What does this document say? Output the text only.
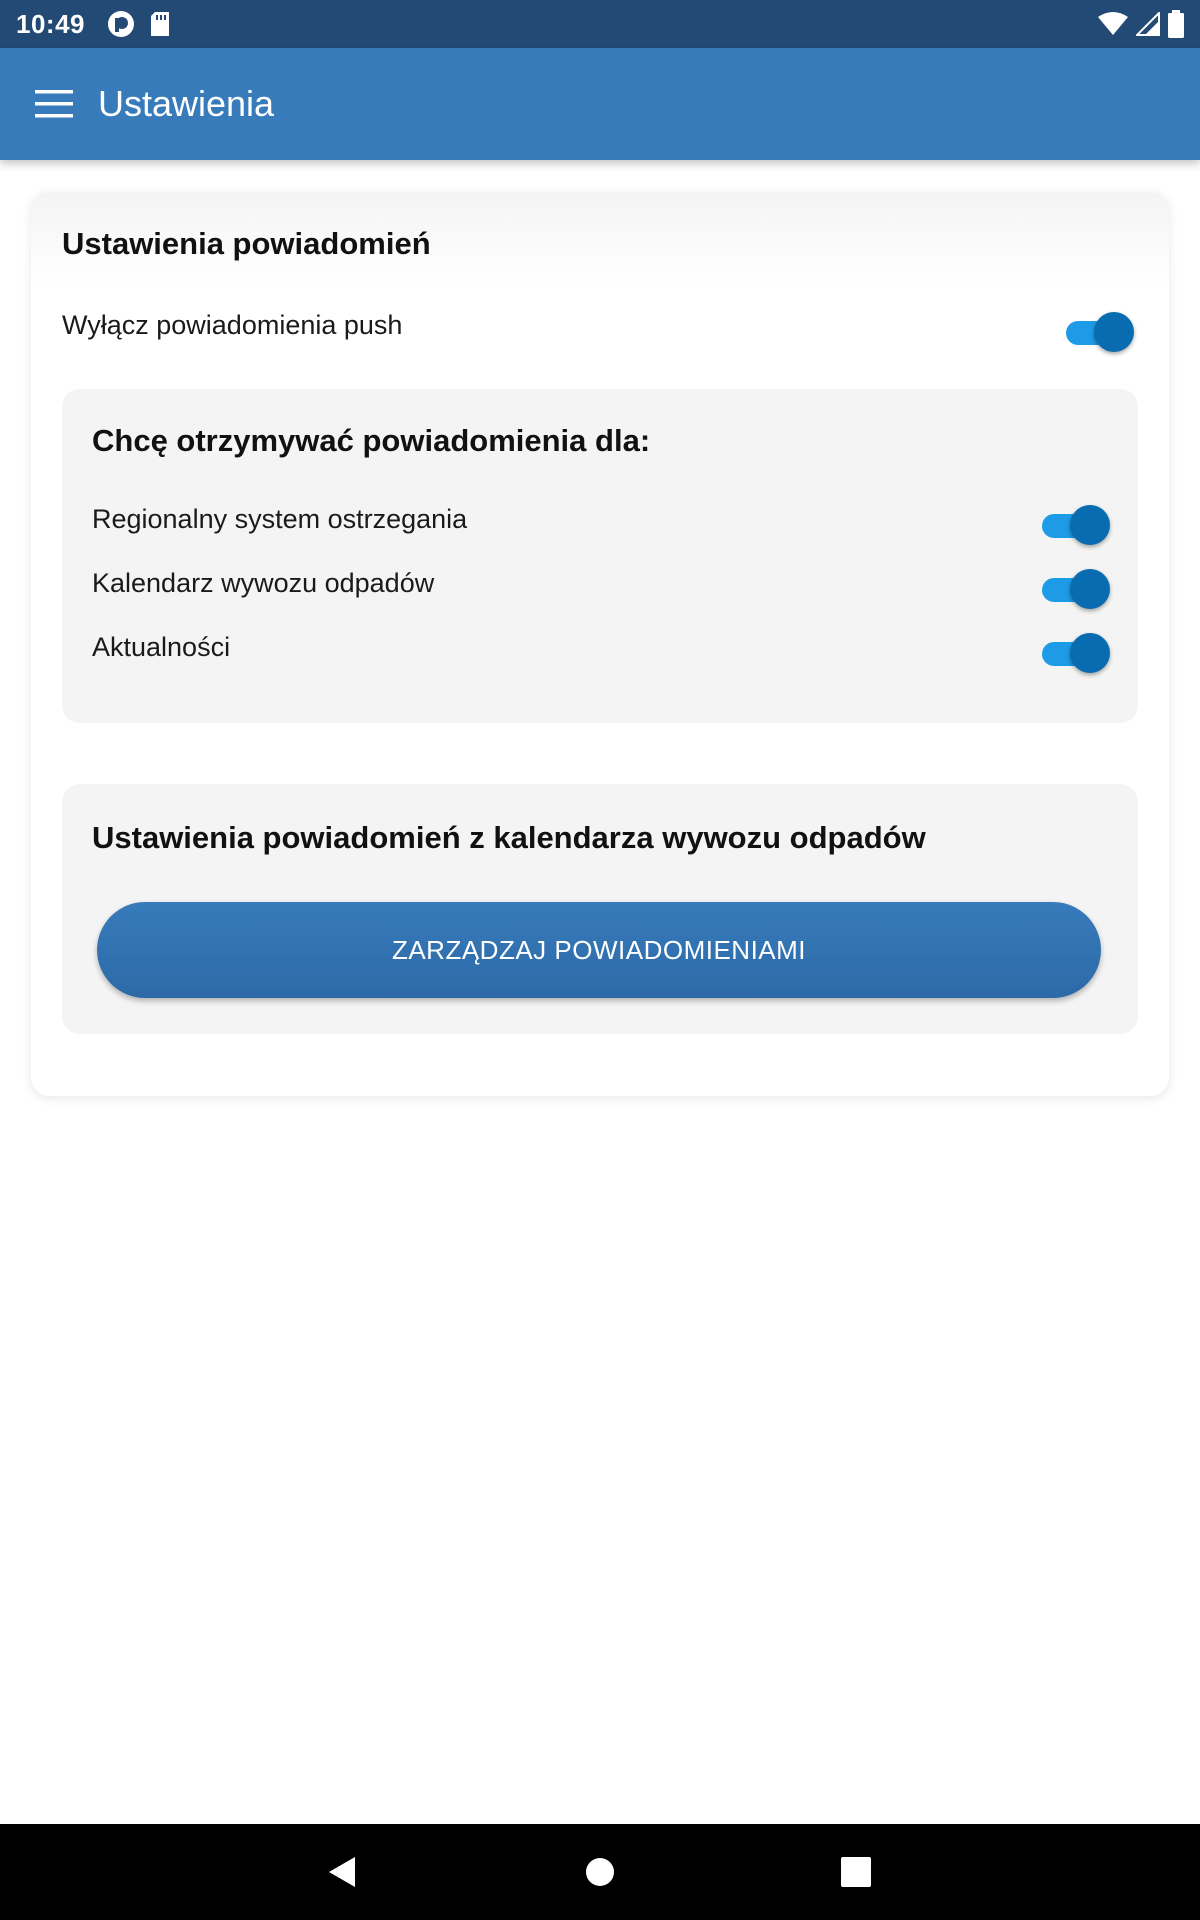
10:49
Ustawienia
Ustawienia powiadomień
Wyłącz powiadomienia push
Chcę otrzymywać powiadomienia dla:
Regionalny system ostrzegania
Kalendarz wywozu odpadów
Aktualności
Ustawienia powiadomień z kalendarza wywozu odpadów
ZARZĄDZAJ POWIADOMIENIAMI
